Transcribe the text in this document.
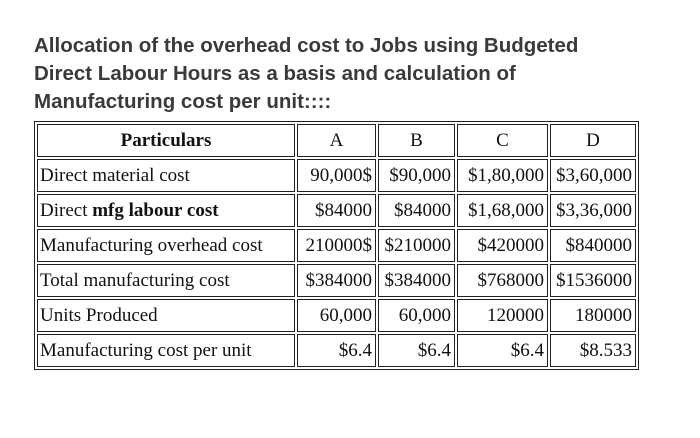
Allocation of the overhead cost to Jobs using Budgeted
Direct Labour Hours as a basis and calculation of
Manufacturing cost per unit::::
Particulars	A	B	C	D
Direct material cost	90,000$	$90,000	$1,80,000	$3,60,000
Direct mfg labour cost	$84000	$84000	$1,68,000	$3,36,000
Manufacturing overhead cost	210000$	$210000	$420000	$840000
Total manufacturing cost	$384000	$384000	$768000	$1536000
Units Produced	60,000	60,000	120000	180000
Manufacturing cost per unit	$6.4	$6.4	$6.4	$8.533
